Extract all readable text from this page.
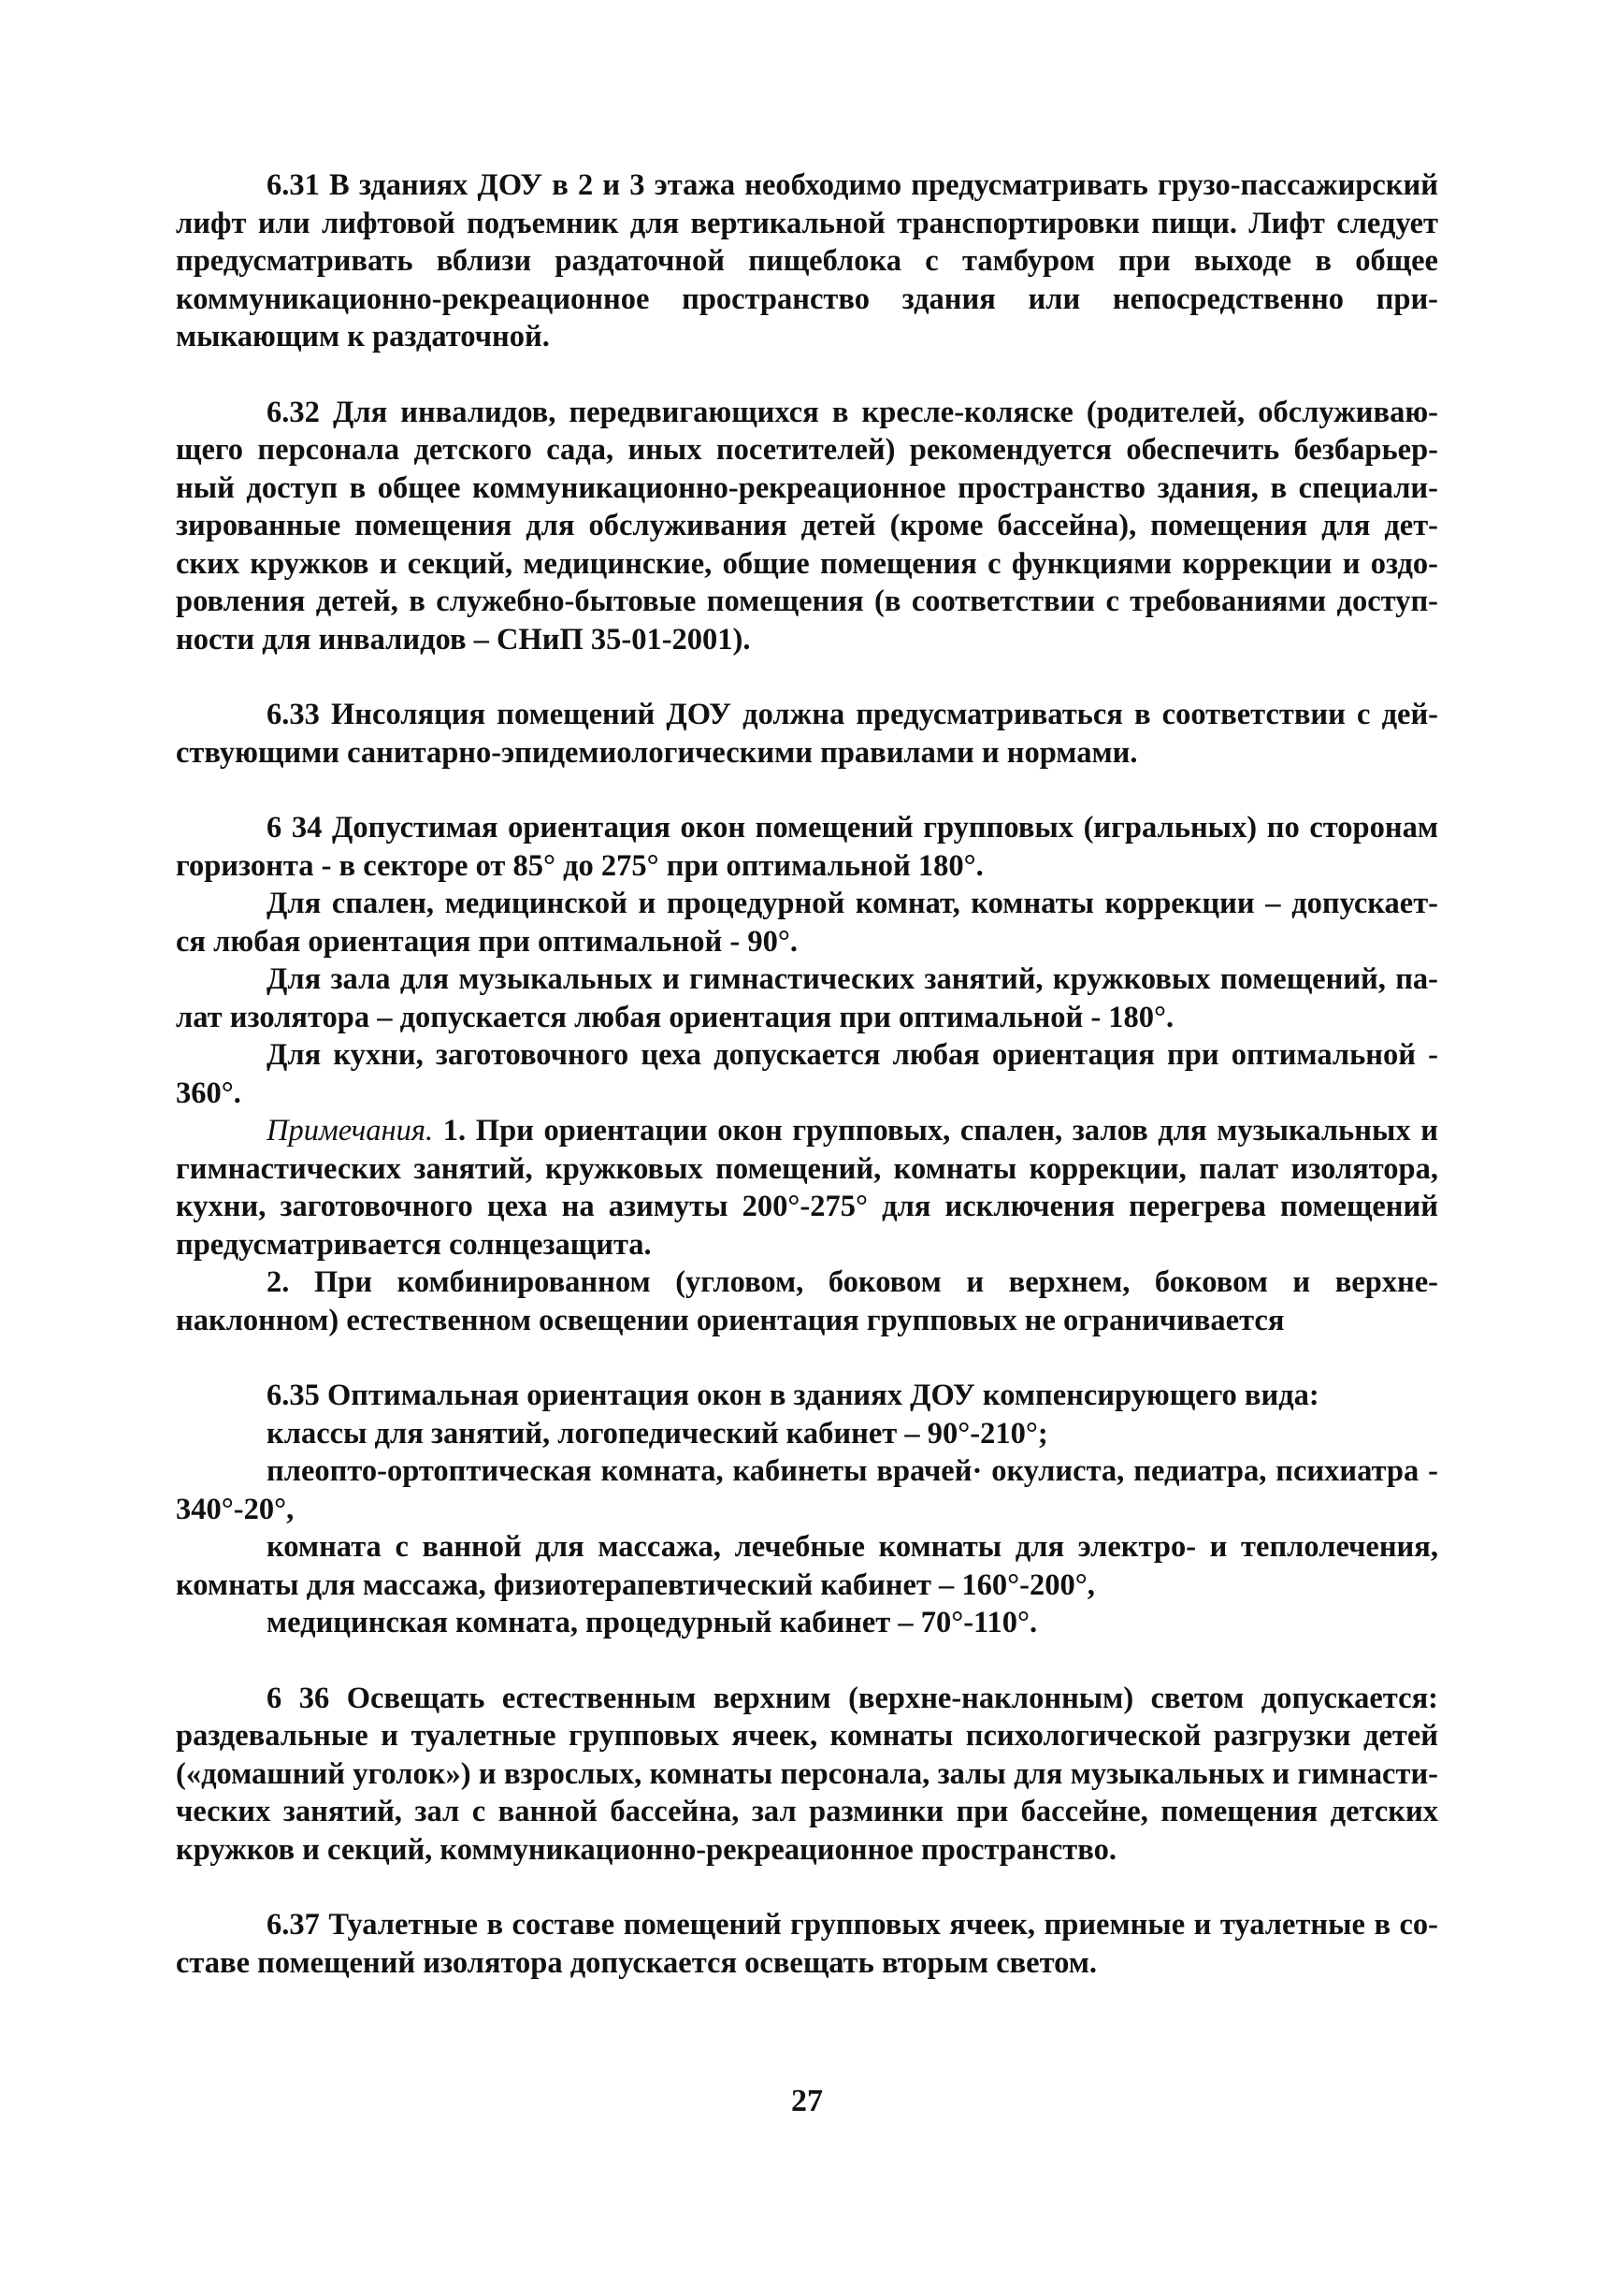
6.31 В зданиях ДОУ в 2 и 3 этажа необходимо предусматривать грузо-пассажирский лифт или лифтовой подъемник для вертикальной транспортировки пищи. Лифт следует предусматривать вблизи раздаточной пищеблока с тамбуром при выходе в общее коммуникационно-рекреационное пространство здания или непосредственно при-мыкающим к раздаточной.

6.32 Для инвалидов, передвигающихся в кресле-коляске (родителей, обслуживаю-щего персонала детского сада, иных посетителей) рекомендуется обеспечить безбарьер-ный доступ в общее коммуникационно-рекреационное пространство здания, в специали-зированные помещения для обслуживания детей (кроме бассейна), помещения для дет-ских кружков и секций, медицинские, общие помещения с функциями коррекции и оздо-ровления детей, в служебно-бытовые помещения (в соответствии с требованиями доступ-ности для инвалидов – СНиП 35-01-2001).

6.33 Инсоляция помещений ДОУ должна предусматриваться в соответствии с дей-ствующими санитарно-эпидемиологическими правилами и нормами.

6 34 Допустимая ориентация окон помещений групповых (игральных) по сторонам горизонта - в секторе от 85° до 275° при оптимальной 180°.

Для спален, медицинской и процедурной комнат, комнаты коррекции – допускает-ся любая ориентация при оптимальной - 90°.

Для зала для музыкальных и гимнастических занятий, кружковых помещений, па-лат изолятора – допускается любая ориентация при оптимальной - 180°.

Для кухни, заготовочного цеха допускается любая ориентация при оптимальной - 360°.

Примечания. 1. При ориентации окон групповых, спален, залов для музыкальных и гимнастических занятий, кружковых помещений, комнаты коррекции, палат изолятора, кухни, заготовочного цеха на азимуты 200°-275° для исключения перегрева помещений предусматривается солнцезащита.

2. При комбинированном (угловом, боковом и верхнем, боковом и верхне-наклонном) естественном освещении ориентация групповых не ограничивается

6.35 Оптимальная ориентация окон в зданиях ДОУ компенсирующего вида:

классы для занятий, логопедический кабинет – 90°-210°;

плеопто-ортоптическая комната, кабинеты врачей· окулиста, педиатра, психиатра - 340°-20°,

комната с ванной для массажа, лечебные комнаты для электро- и теплолечения, комнаты для массажа, физиотерапевтический кабинет – 160°-200°,

медицинская комната, процедурный кабинет – 70°-110°.

6 36 Освещать естественным верхним (верхне-наклонным) светом допускается: раздевальные и туалетные групповых ячеек, комнаты психологической разгрузки детей («домашний уголок») и взрослых, комнаты персонала, залы для музыкальных и гимнасти-ческих занятий, зал с ванной бассейна, зал разминки при бассейне, помещения детских кружков и секций, коммуникационно-рекреационное пространство.

6.37 Туалетные в составе помещений групповых ячеек, приемные и туалетные в со-ставе помещений изолятора допускается освещать вторым светом.

27
